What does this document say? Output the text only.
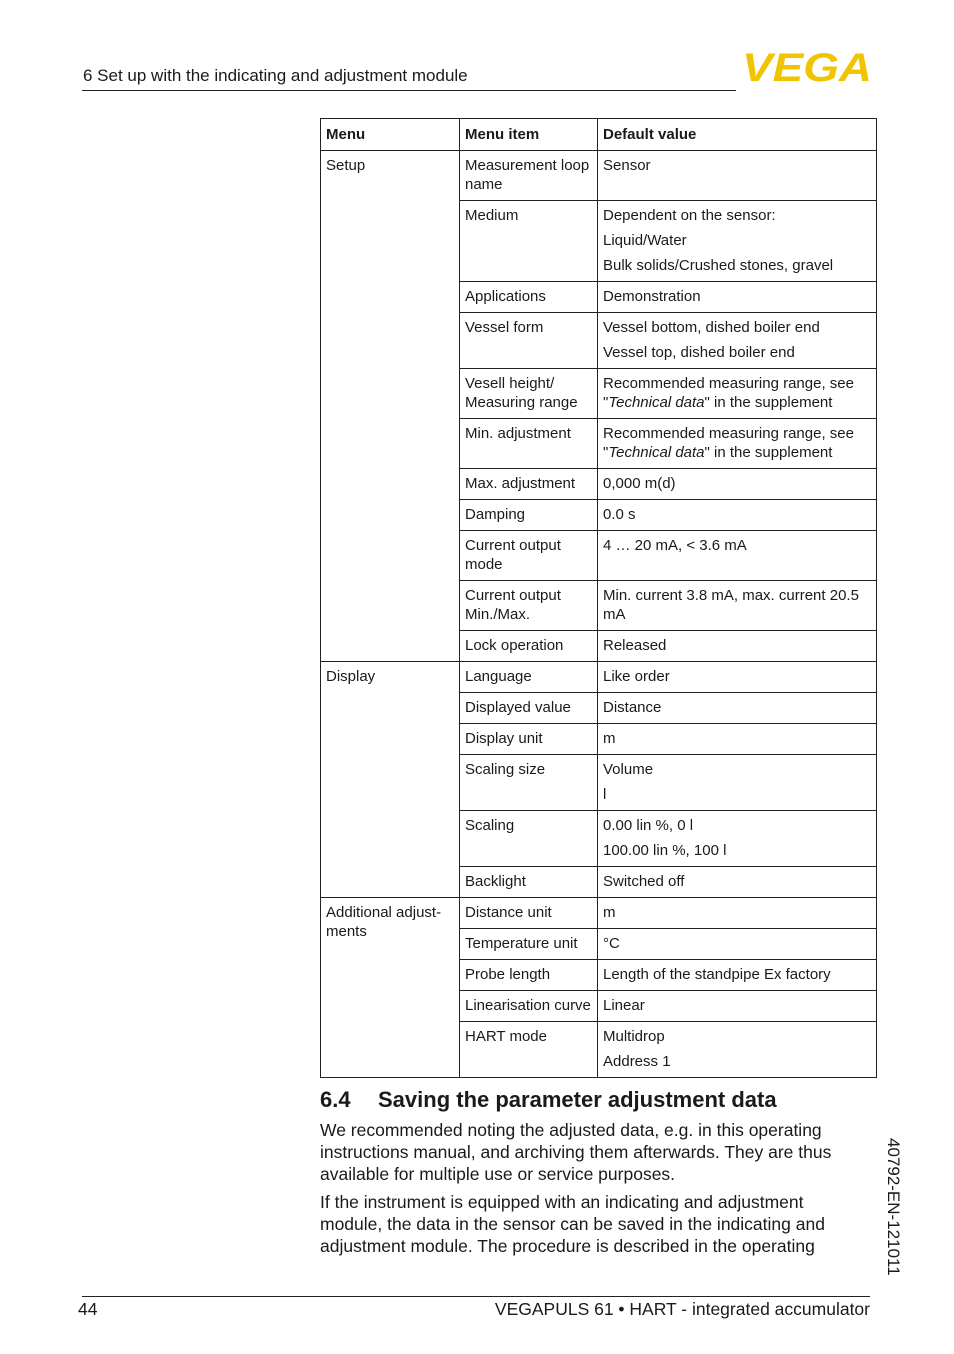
6 Set up with the indicating and adjustment module	VEGA
Menu	Menu item	Default value
Setup	Measurement loop name	Sensor

	Medium	Dependent on the sensor:
Liquid/Water
Bulk solids/Crushed stones, gravel

	Applications	Demonstration

	Vessel form	Vessel bottom, dished boiler end
Vessel top, dished boiler end

	Vesell height/ Measuring range	Recommended measuring range, see "Technical data" in the supplement
	Min. adjustment	Recommended measuring range, see "Technical data" in the supplement
	Max. adjustment	0,000 m(d)

	Damping	0.0 s

	Current output mode	4 … 20 mA, < 3.6 mA

	Current output Min./Max.	Min. current 3.8 mA, max. current 20.5 mA

	Lock operation	Released

Display	Language	Like order

	Displayed value	Distance

	Display unit	m

	Scaling size	Volume
l

	Scaling	0.00 lin %, 0 l
100.00 lin %, 100 l

	Backlight	Switched off

Additional adjust-ments	Distance unit	m

	Temperature unit	°C

	Probe length	Length of the standpipe Ex factory

	Linearisation curve	Linear

	HART mode	Multidrop
Address 1
6.4 Saving the parameter adjustment data

We recommended noting the adjusted data, e.g. in this operating instructions manual, and archiving them afterwards. They are thus available for multiple use or service purposes.

If the instrument is equipped with an indicating and adjustment module, the data in the sensor can be saved in the indicating and adjustment module. The procedure is described in the operating	40792-EN-121011
44	VEGAPULS 61 • HART - integrated accumulator
